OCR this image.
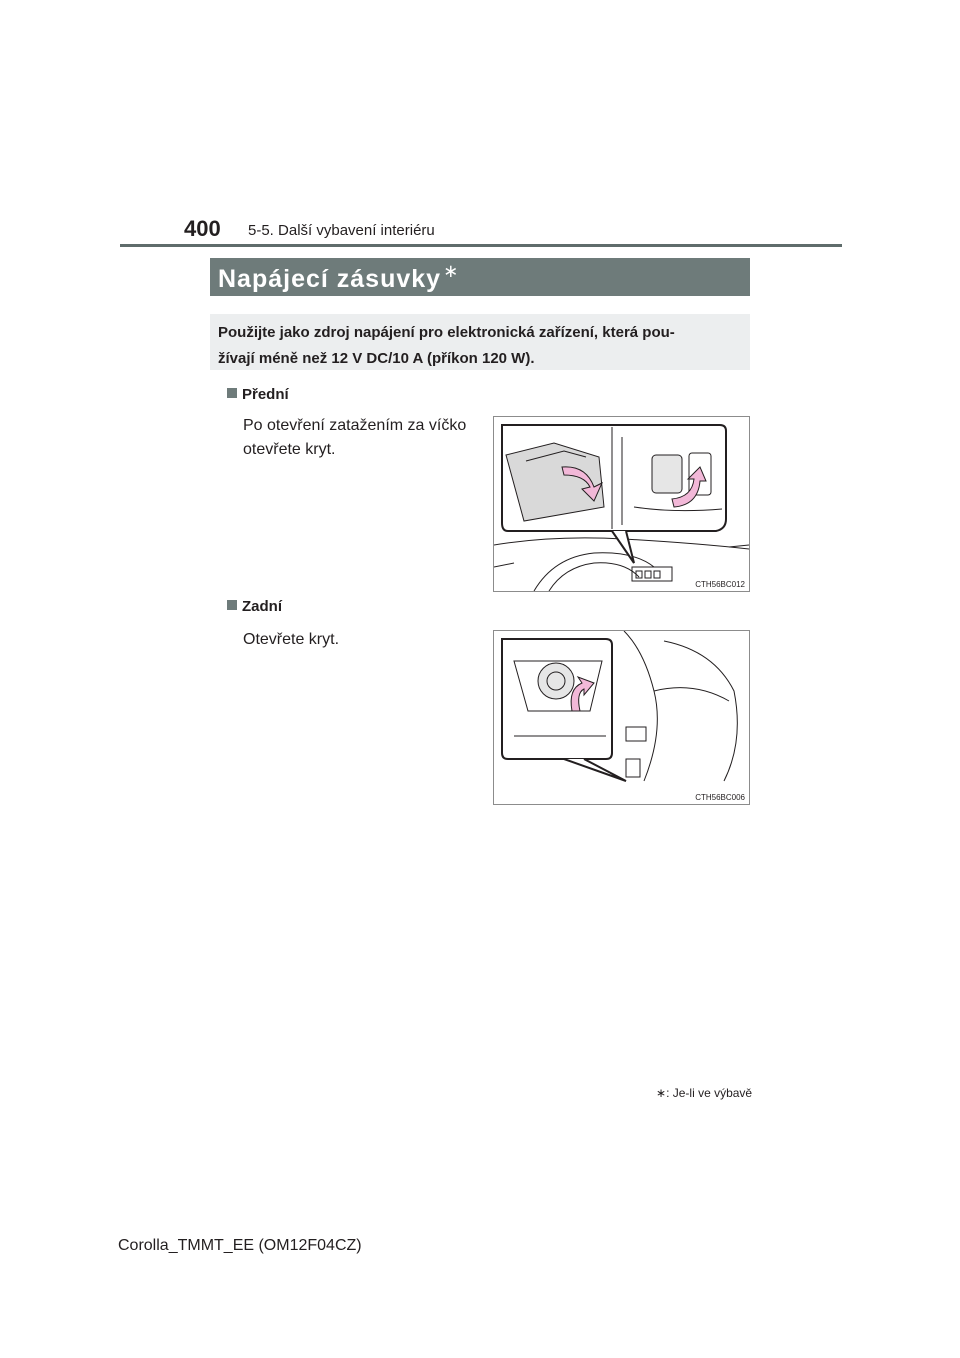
400 5-5. Další vybavení interiéru
Napájecí zásuvky ∗
Použijte jako zdroj napájení pro elektronická zařízení, která pou-
žívají méně než 12 V DC/10 A (příkon 120 W).
Přední
Po otevření zatažením za víčko
otevřete kryt.
CTH56BC012
Zadní
Otevřete kryt.
CTH56BC006
∗: Je-li ve výbavě
Corolla_TMMT_EE (OM12F04CZ)
